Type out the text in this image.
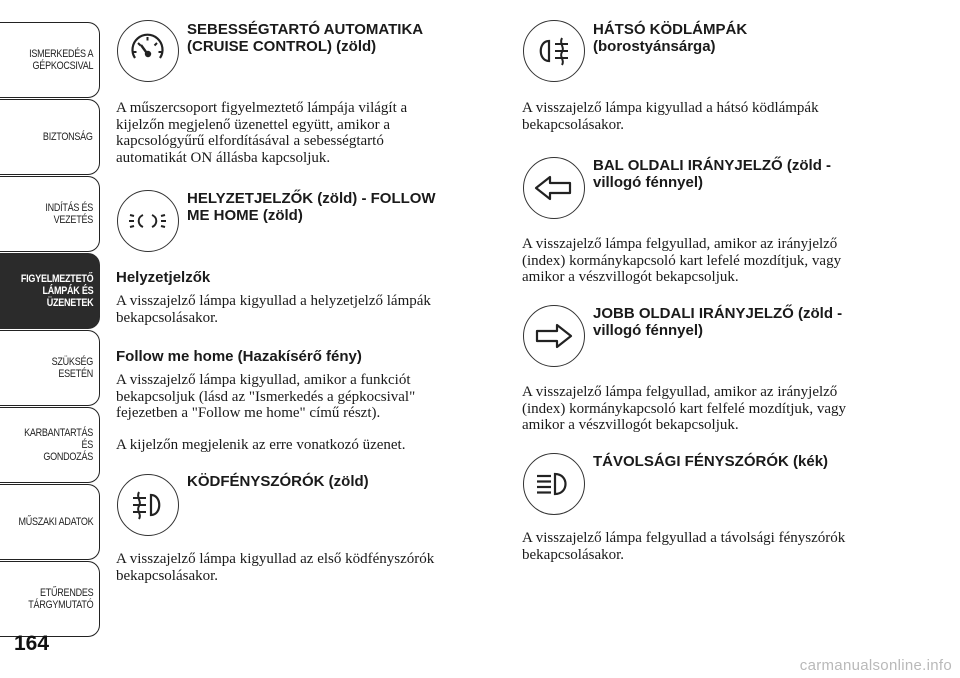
ISMERKEDÉS A
GÉPKOCSIVAL
BIZTONSÁG
INDÍTÁS ÉS VEZETÉS
FIGYELMEZTETŐ
LÁMPÁK ÉS
ÜZENETEK
SZÜKSÉG ESETÉN
KARBANTARTÁS ÉS
GONDOZÁS
MŰSZAKI ADATOK
ETŰRENDES
TÁRGYMUTATÓ
164
SEBESSÉGTARTÓ AUTOMATIKA
(CRUISE CONTROL) (zöld)

A műszercsoport figyelmeztető lámpája világít a
kijelzőn megjelenő üzenettel együtt, amikor a
kapcsológyűrű elfordításával a sebességtartó
automatikát ON állásba kapcsoljuk.

HELYZETJELZŐK (zöld) - FOLLOW
ME HOME (zöld)
Helyzetjelzők

A visszajelző lámpa kigyullad a helyzetjelző lámpák
bekapcsolásakor.

Follow me home (Hazakísérő fény)

A visszajelző lámpa kigyullad, amikor a funkciót
bekapcsoljuk (lásd az "Ismerkedés a gépkocsival"
fejezetben a "Follow me home" című részt).

A kijelzőn megjelenik az erre vonatkozó üzenet.

KÖDFÉNYSZÓRÓK (zöld)

A visszajelző lámpa kigyullad az első ködfényszórók
bekapcsolásakor.

HÁTSÓ KÖDLÁMPÁK
(borostyánsárga)

A visszajelző lámpa kigyullad a hátsó ködlámpák
bekapcsolásakor.

BAL OLDALI IRÁNYJELZŐ (zöld -
villogó fénnyel)

A visszajelző lámpa felgyullad, amikor az irányjelző
(index) kormánykapcsoló kart lefelé mozdítjuk, vagy
amikor a vészvillogót bekapcsoljuk.

JOBB OLDALI IRÁNYJELZŐ (zöld -
villogó fénnyel)

A visszajelző lámpa felgyullad, amikor az irányjelző
(index) kormánykapcsoló kart felfelé mozdítjuk, vagy
amikor a vészvillogót bekapcsoljuk.

TÁVOLSÁGI FÉNYSZÓRÓK (kék)

A visszajelző lámpa felgyullad a távolsági fényszórók
bekapcsolásakor.

carmanualsonline.info
